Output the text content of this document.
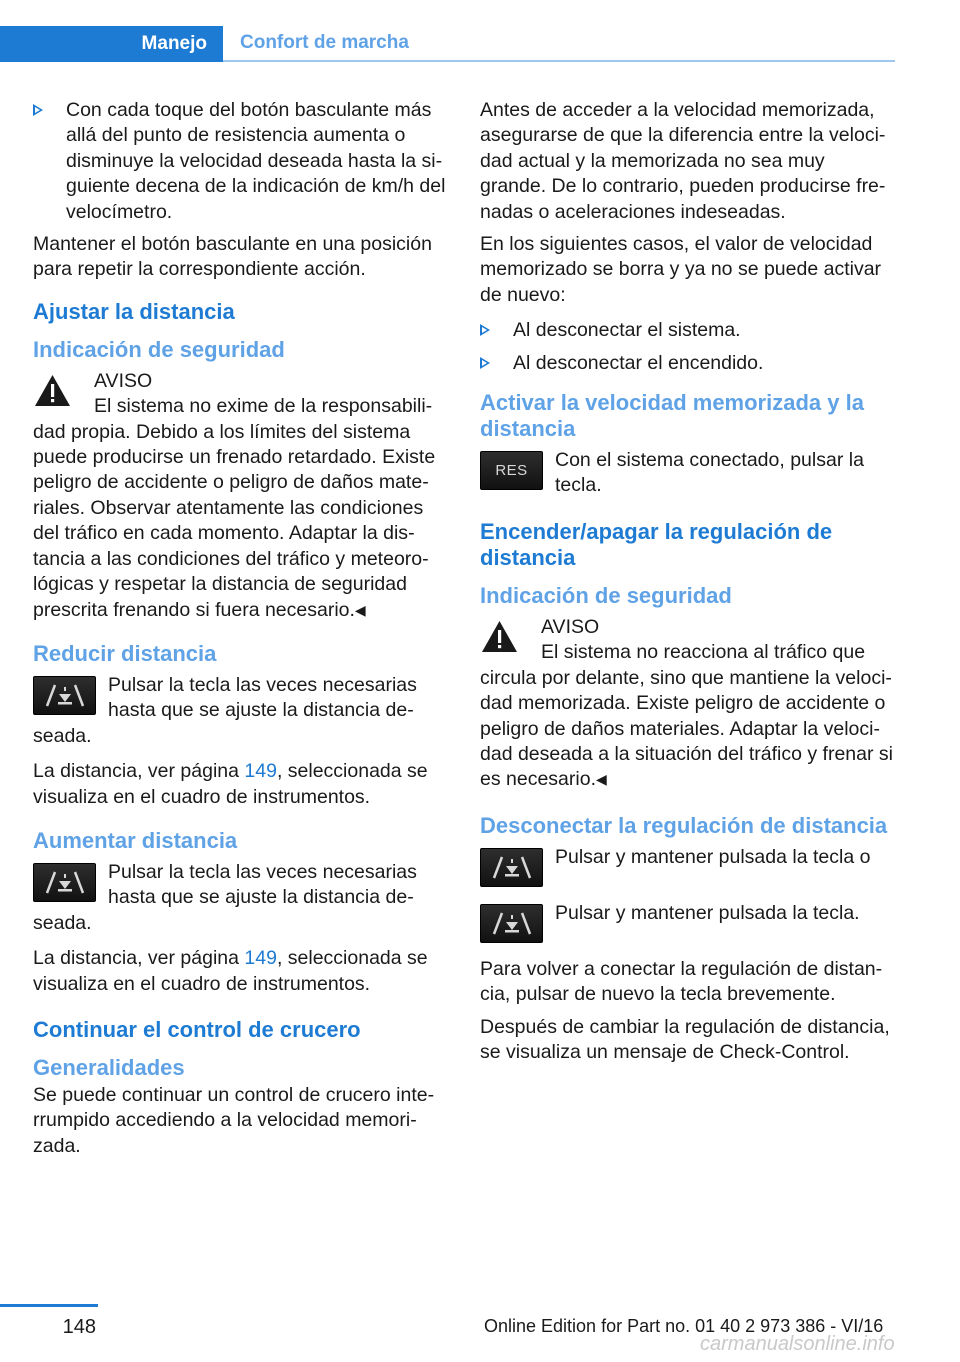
Manejo	Confort de marcha
Con cada toque del botón basculante más allá del punto de resistencia aumenta o disminuye la velocidad deseada hasta la siguiente decena de la indicación de km/h del velocímetro.

Mantener el botón basculante en una posición para repetir la correspondiente acción.

Ajustar la distancia
Indicación de seguridad

AVISO

El sistema no exime de la responsabilidad propia. Debido a los límites del sistema puede producirse un frenado retardado. Existe peligro de accidente o peligro de daños materiales. Observar atentamente las condiciones del tráfico en cada momento. Adaptar la distancia a las condiciones del tráfico y meteorológicas y respetar la distancia de seguridad prescrita frenando si fuera necesario.◀

Reducir distancia

Pulsar la tecla las veces necesarias hasta que se ajuste la distancia deseada.

La distancia, ver página 149, seleccionada se visualiza en el cuadro de instrumentos.

Aumentar distancia

Pulsar la tecla las veces necesarias hasta que se ajuste la distancia deseada.

La distancia, ver página 149, seleccionada se visualiza en el cuadro de instrumentos.

Continuar el control de crucero
Generalidades

Se puede continuar un control de crucero interrumpido accediendo a la velocidad memorizada.

Antes de acceder a la velocidad memorizada, asegurarse de que la diferencia entre la velocidad actual y la memorizada no sea muy grande. De lo contrario, pueden producirse frenadas o aceleraciones indeseadas.

En los siguientes casos, el valor de velocidad memorizado se borra y ya no se puede activar de nuevo:

Al desconectar el sistema.
Al desconectar el encendido.
Activar la velocidad memorizada y la distancia
RES	Con el sistema conectado, pulsar la tecla.

Encender/apagar la regulación de distancia
Indicación de seguridad

AVISO

El sistema no reacciona al tráfico que circula por delante, sino que mantiene la velocidad memorizada. Existe peligro de accidente o peligro de daños materiales. Adaptar la velocidad deseada a la situación del tráfico y frenar si es necesario.◀

Desconectar la regulación de distancia

Pulsar y mantener pulsada la tecla o

Pulsar y mantener pulsada la tecla.

Para volver a conectar la regulación de distancia, pulsar de nuevo la tecla brevemente.

Después de cambiar la regulación de distancia, se visualiza un mensaje de Check-Control.

148	Online Edition for Part no. 01 40 2 973 386 - VI/16
carmanualsonline.info
